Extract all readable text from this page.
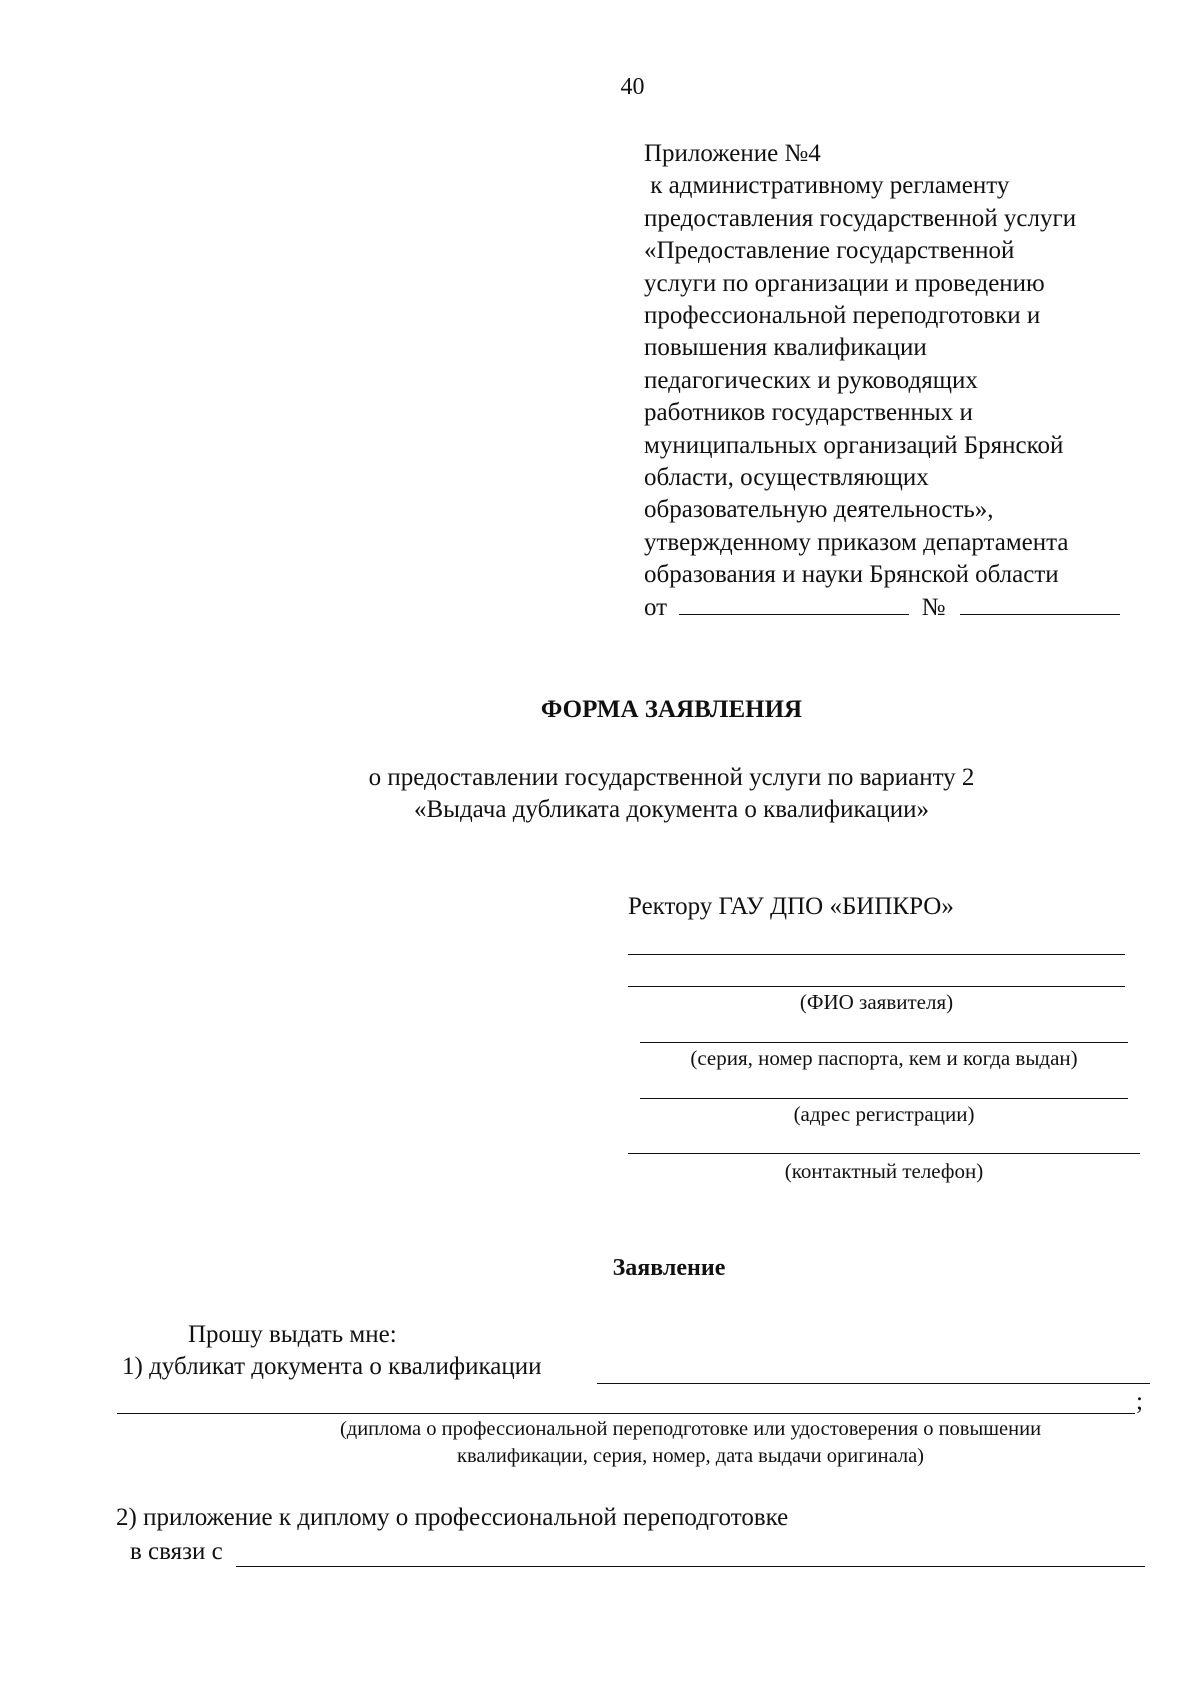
40
Приложение №4
к административному регламенту
предоставления государственной услуги
«Предоставление государственной
услуги по организации и проведению
профессиональной переподготовки и
повышения квалификации
педагогических и руководящих
работников государственных и
муниципальных организаций Брянской
области, осуществляющих
образовательную деятельность»,
утвержденному приказом департамента
образования и науки Брянской области
от	№
ФОРМА ЗАЯВЛЕНИЯ
о предоставлении государственной услуги по варианту 2
«Выдача дубликата документа о квалификации»
Ректору ГАУ ДПО «БИПКРО»
(ФИО заявителя)
(серия, номер паспорта, кем и когда выдан)
(адрес регистрации)
(контактный телефон)
Заявление
Прошу выдать мне:
1) дубликат документа о квалификации
;
(диплома о профессиональной переподготовке или удостоверения о повышении
квалификации, серия, номер, дата выдачи оригинала)
2) приложение к диплому о профессиональной переподготовке
в связи с
